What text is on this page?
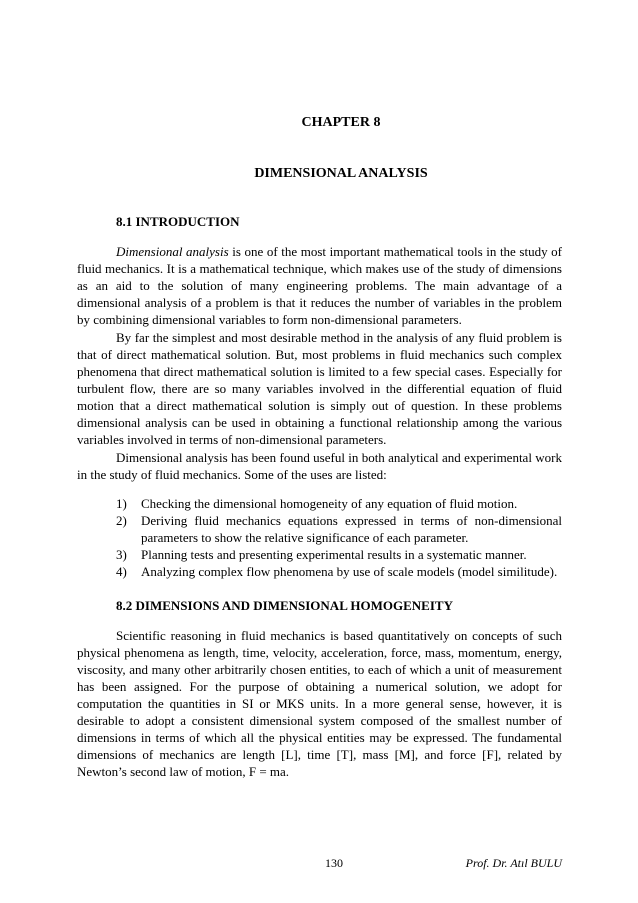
CHAPTER 8
DIMENSIONAL ANALYSIS
8.1 INTRODUCTION

Dimensional analysis is one of the most important mathematical tools in the study of fluid mechanics. It is a mathematical technique, which makes use of the study of dimensions as an aid to the solution of many engineering problems. The main advantage of a dimensional analysis of a problem is that it reduces the number of variables in the problem by combining dimensional variables to form non-dimensional parameters.

By far the simplest and most desirable method in the analysis of any fluid problem is that of direct mathematical solution. But, most problems in fluid mechanics such complex phenomena that direct mathematical solution is limited to a few special cases. Especially for turbulent flow, there are so many variables involved in the differential equation of fluid motion that a direct mathematical solution is simply out of question. In these problems dimensional analysis can be used in obtaining a functional relationship among the various variables involved in terms of non-dimensional parameters.

Dimensional analysis has been found useful in both analytical and experimental work in the study of fluid mechanics. Some of the uses are listed:

1) Checking the dimensional homogeneity of any equation of fluid motion.
2) Deriving fluid mechanics equations expressed in terms of non-dimensional parameters to show the relative significance of each parameter.
3) Planning tests and presenting experimental results in a systematic manner.
4) Analyzing complex flow phenomena by use of scale models (model similitude).
8.2 DIMENSIONS AND DIMENSIONAL HOMOGENEITY

Scientific reasoning in fluid mechanics is based quantitatively on concepts of such physical phenomena as length, time, velocity, acceleration, force, mass, momentum, energy, viscosity, and many other arbitrarily chosen entities, to each of which a unit of measurement has been assigned. For the purpose of obtaining a numerical solution, we adopt for computation the quantities in SI or MKS units. In a more general sense, however, it is desirable to adopt a consistent dimensional system composed of the smallest number of dimensions in terms of which all the physical entities may be expressed. The fundamental dimensions of mechanics are length [L], time [T], mass [M], and force [F], related by Newton’s second law of motion, F = ma.

130	Prof. Dr. Atıl BULU
